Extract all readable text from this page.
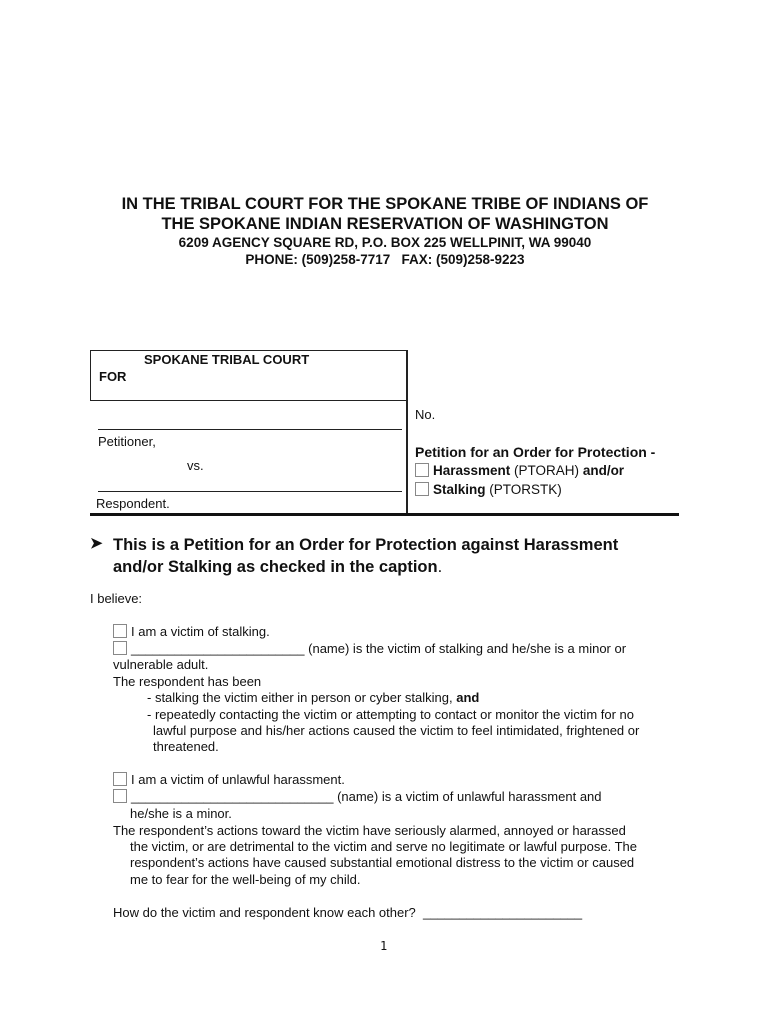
IN THE TRIBAL COURT FOR THE SPOKANE TRIBE OF INDIANS OF
THE SPOKANE INDIAN RESERVATION OF WASHINGTON
6209 AGENCY SQUARE RD, P.O. BOX 225 WELLPINIT, WA 99040
PHONE: (509)258-7717 FAX: (509)258-9223
SPOKANE TRIBAL COURT
FOR
Petitioner,
vs.
Respondent.
No.
Petition for an Order for Protection -
Harassment (PTORAH) and/or
Stalking (PTORSTK)
➤ This is a Petition for an Order for Protection against Harassment
and/or Stalking as checked in the caption.
I believe:
I am a victim of stalking.
________________________ (name) is the victim of stalking and he/she is a minor or
vulnerable adult.
The respondent has been
- stalking the victim either in person or cyber stalking, and
- repeatedly contacting the victim or attempting to contact or monitor the victim for no
lawful purpose and his/her actions caused the victim to feel intimidated, frightened or
threatened.
I am a victim of unlawful harassment.
____________________________ (name) is a victim of unlawful harassment and
he/she is a minor.
The respondent’s actions toward the victim have seriously alarmed, annoyed or harassed
the victim, or are detrimental to the victim and serve no legitimate or lawful purpose. The
respondent’s actions have caused substantial emotional distress to the victim or caused
me to fear for the well-being of my child.
How do the victim and respondent know each other? ______________________
1
